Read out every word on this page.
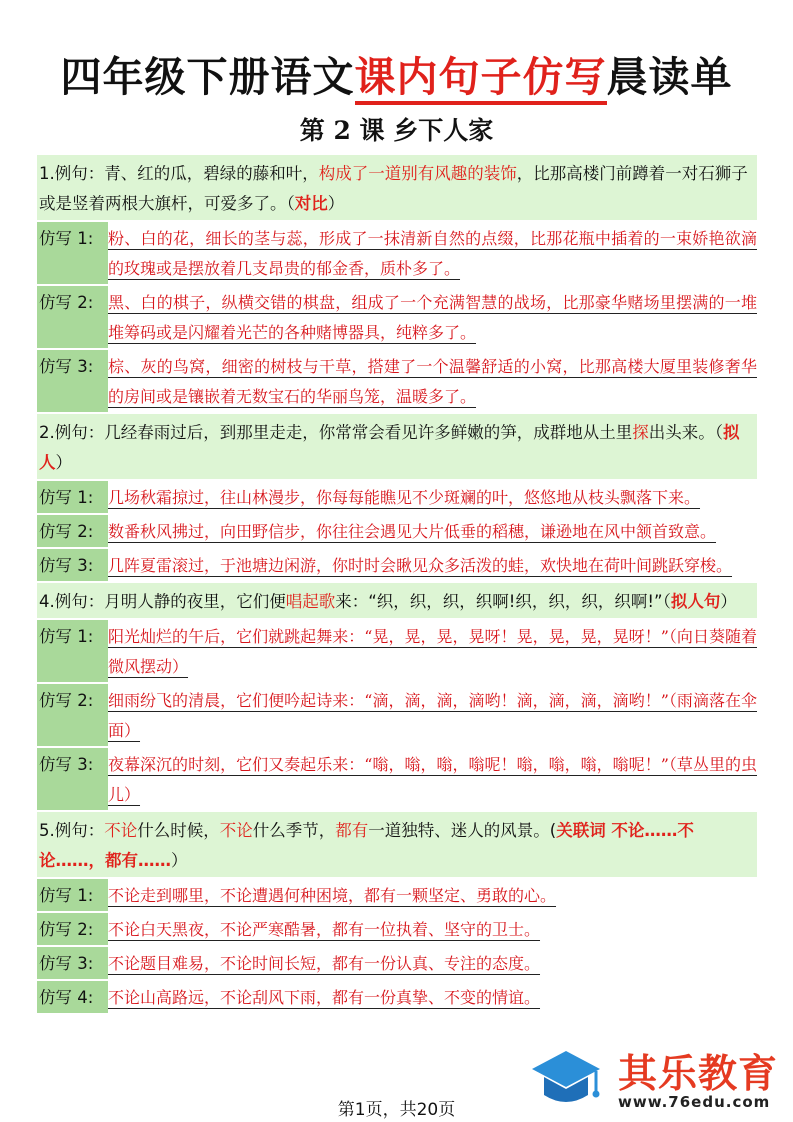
四年级下册语文课内句子仿写晨读单
第 2 课 乡下人家
1.例句：青、红的瓜，碧绿的藤和叶，构成了一道别有风趣的装饰，比那高楼门前蹲着一对石狮子或是竖着两根大旗杆，可爱多了。（对比）
仿写 1: 粉、白的花，细长的茎与蕊，形成了一抹清新自然的点缀，比那花瓶中插着的一束娇艳欲滴的玫瑰或是摆放着几支昂贵的郁金香，质朴多了。
仿写 2: 黑、白的棋子，纵横交错的棋盘，组成了一个充满智慧的战场，比那豪华赌场里摆满的一堆堆筹码或是闪耀着光芒的各种赌博器具，纯粹多了。
仿写 3: 棕、灰的鸟窝，细密的树枝与干草，搭建了一个温馨舒适的小窝，比那高楼大厦里装修奢华的房间或是镶嵌着无数宝石的华丽鸟笼，温暖多了。
2.例句：几经春雨过后，到那里走走，你常常会看见许多鲜嫩的笋，成群地从土里探出头来。（拟人）
仿写 1: 几场秋霜掠过，往山林漫步，你每每能瞧见不少斑斓的叶，悠悠地从枝头飘落下来。
仿写 2: 数番秋风拂过，向田野信步，你往往会遇见大片低垂的稻穗，谦逊地在风中颔首致意。
仿写 3: 几阵夏雷滚过，于池塘边闲游，你时时会瞅见众多活泼的蛙，欢快地在荷叶间跳跃穿梭。
4.例句：月明人静的夜里，它们便唱起歌来：“织，织，织，织啊!织，织，织，织啊!”（拟人句）
仿写 1: 阳光灿烂的午后，它们就跳起舞来：“晃，晃，晃，晃呀！晃，晃，晃，晃呀！”（向日葵随着微风摆动）
仿写 2: 细雨纷飞的清晨，它们便吟起诗来：“滴，滴，滴，滴哟！滴，滴，滴，滴哟！”（雨滴落在伞面）
仿写 3: 夜幕深沉的时刻，它们又奏起乐来：“嗡，嗡，嗡，嗡呢！嗡，嗡，嗡，嗡呢！”（草丛里的虫儿）
5.例句：不论什么时候，不论什么季节，都有一道独特、迷人的风景。(关联词 不论……不论……，都有……）
仿写 1: 不论走到哪里，不论遭遇何种困境，都有一颗坚定、勇敢的心。
仿写 2: 不论白天黑夜，不论严寒酷暑，都有一位执着、坚守的卫士。
仿写 3: 不论题目难易，不论时间长短，都有一份认真、专注的态度。
仿写 4: 不论山高路远，不论刮风下雨，都有一份真挚、不变的情谊。
第1页，共20页
其乐教育
www.76edu.com
